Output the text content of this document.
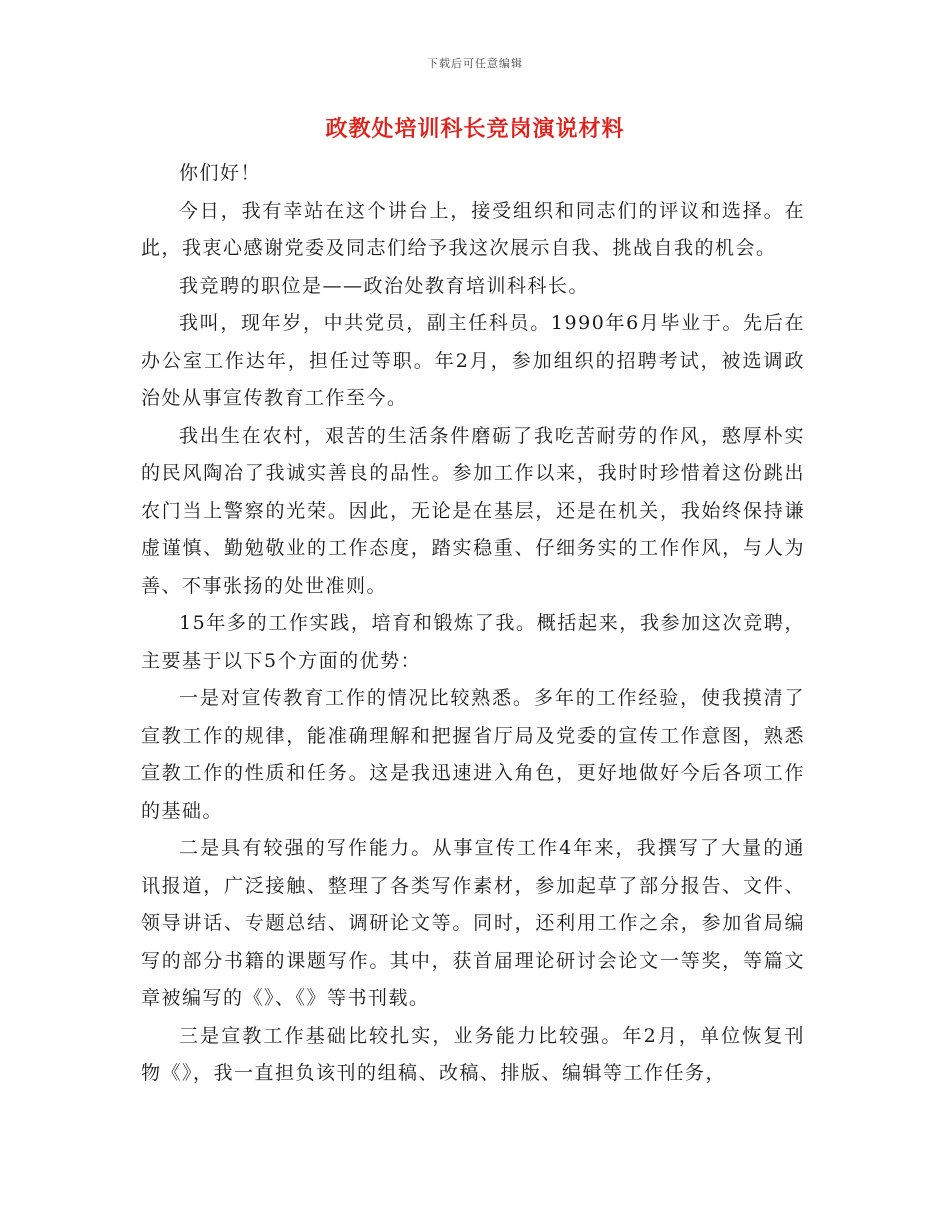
下载后可任意编辑
政教处培训科长竞岗演说材料

你们好！

今日，我有幸站在这个讲台上，接受组织和同志们的评议和选择。在此，我衷心感谢党委及同志们给予我这次展示自我、挑战自我的机会。

我竞聘的职位是——政治处教育培训科科长。

我叫，现年岁，中共党员，副主任科员。1990年6月毕业于。先后在办公室工作达年，担任过等职。年2月，参加组织的招聘考试，被选调政治处从事宣传教育工作至今。

我出生在农村，艰苦的生活条件磨砺了我吃苦耐劳的作风，憨厚朴实的民风陶冶了我诚实善良的品性。参加工作以来，我时时珍惜着这份跳出农门当上警察的光荣。因此，无论是在基层，还是在机关，我始终保持谦虚谨慎、勤勉敬业的工作态度，踏实稳重、仔细务实的工作作风，与人为善、不事张扬的处世准则。

15年多的工作实践，培育和锻炼了我。概括起来，我参加这次竞聘，主要基于以下5个方面的优势：

一是对宣传教育工作的情况比较熟悉。多年的工作经验，使我摸清了宣教工作的规律，能准确理解和把握省厅局及党委的宣传工作意图，熟悉宣教工作的性质和任务。这是我迅速进入角色，更好地做好今后各项工作的基础。

二是具有较强的写作能力。从事宣传工作4年来，我撰写了大量的通讯报道，广泛接触、整理了各类写作素材，参加起草了部分报告、文件、领导讲话、专题总结、调研论文等。同时，还利用工作之余，参加省局编写的部分书籍的课题写作。其中，获首届理论研讨会论文一等奖，等篇文章被编写的《》、《》等书刊载。

三是宣教工作基础比较扎实，业务能力比较强。年2月，单位恢复刊物《》，我一直担负该刊的组稿、改稿、排版、编辑等工作任务，
